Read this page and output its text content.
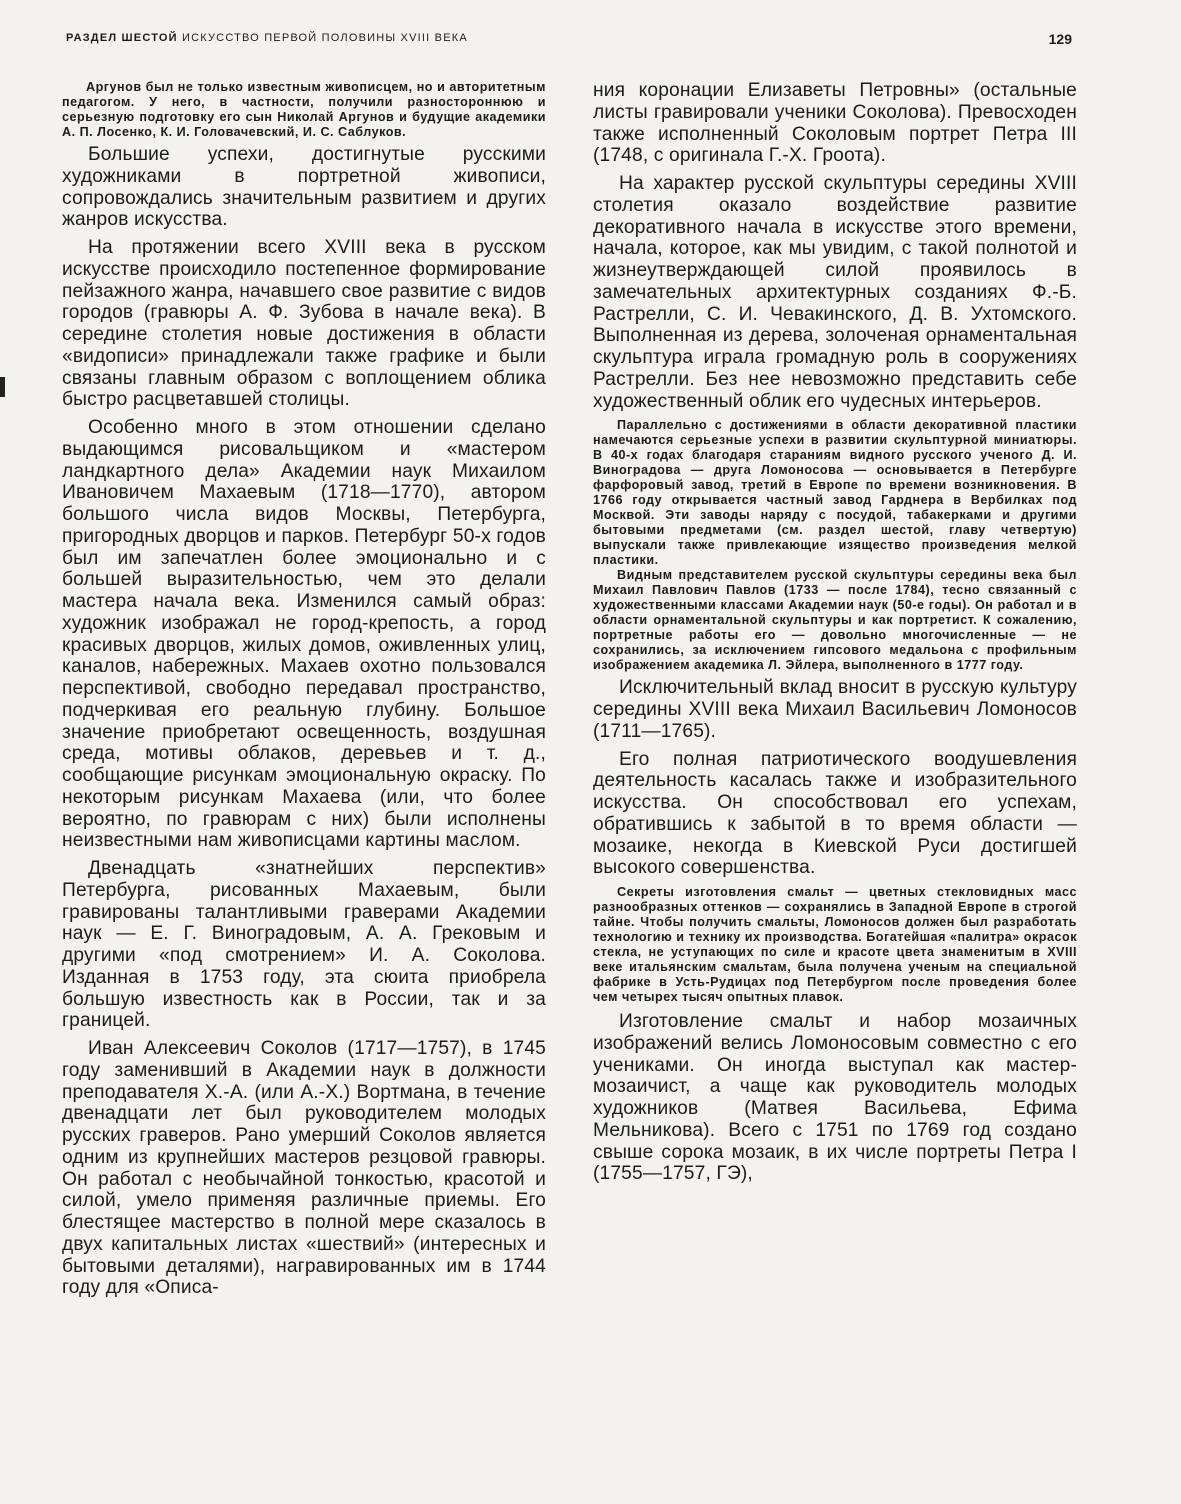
РАЗДЕЛ ШЕСТОЙ ИСКУССТВО ПЕРВОЙ ПОЛОВИНЫ XVIII ВЕКА	129

Аргунов был не только известным живописцем, но и авторитетным педагогом. У него, в частности, получили разностороннюю и серьезную подготовку его сын Николай Аргунов и будущие академики А. П. Лосенко, К. И. Головачевский, И. С. Саблуков.

Большие успехи, достигнутые русскими художниками в портретной живописи, сопровождались значительным развитием и других жанров искусства.

На протяжении всего XVIII века в русском искусстве происходило постепенное формирование пейзажного жанра, начавшего свое развитие с видов городов (гравюры А. Ф. Зубова в начале века). В середине столетия новые достижения в области «видописи» принадлежали также графике и были связаны главным образом с воплощением облика быстро расцветавшей столицы.

Особенно много в этом отношении сделано выдающимся рисовальщиком и «мастером ландкартного дела» Академии наук Михаилом Ивановичем Махаевым (1718—1770), автором большого числа видов Москвы, Петербурга, пригородных дворцов и парков. Петербург 50-х годов был им запечатлен более эмоционально и с большей выразительностью, чем это делали мастера начала века. Изменился самый образ: художник изображал не город-крепость, а город красивых дворцов, жилых домов, оживленных улиц, каналов, набережных. Махаев охотно пользовался перспективой, свободно передавал пространство, подчеркивая его реальную глубину. Большое значение приобретают освещенность, воздушная среда, мотивы облаков, деревьев и т. д., сообщающие рисункам эмоциональную окраску. По некоторым рисункам Махаева (или, что более вероятно, по гравюрам с них) были исполнены неизвестными нам живописцами картины маслом.

Двенадцать «знатнейших перспектив» Петербурга, рисованных Махаевым, были гравированы талантливыми граверами Академии наук — Е. Г. Виноградовым, А. А. Грековым и другими «под смотрением» И. А. Соколова. Изданная в 1753 году, эта сюита приобрела большую известность как в России, так и за границей.

Иван Алексеевич Соколов (1717—1757), в 1745 году заменивший в Академии наук в должности преподавателя Х.-А. (или А.-Х.) Вортмана, в течение двенадцати лет был руководителем молодых русских граверов. Рано умерший Соколов является одним из крупнейших мастеров резцовой гравюры. Он работал с необычайной тонкостью, красотой и силой, умело применяя различные приемы. Его блестящее мастерство в полной мере сказалось в двух капитальных листах «шествий» (интересных и бытовыми деталями), награвированных им в 1744 году для «Описа-

ния коронации Елизаветы Петровны» (остальные листы гравировали ученики Соколова). Превосходен также исполненный Соколовым портрет Петра III (1748, с оригинала Г.-Х. Гроота).

На характер русской скульптуры середины XVIII столетия оказало воздействие развитие декоративного начала в искусстве этого времени, начала, которое, как мы увидим, с такой полнотой и жизнеутверждающей силой проявилось в замечательных архитектурных созданиях Ф.-Б. Растрелли, С. И. Чевакинского, Д. В. Ухтомского. Выполненная из дерева, золоченая орнаментальная скульптура играла громадную роль в сооружениях Растрелли. Без нее невозможно представить себе художественный облик его чудесных интерьеров.

Параллельно с достижениями в области декоративной пластики намечаются серьезные успехи в развитии скульптурной миниатюры. В 40-х годах благодаря стараниям видного русского ученого Д. И. Виноградова — друга Ломоносова — основывается в Петербурге фарфоровый завод, третий в Европе по времени возникновения. В 1766 году открывается частный завод Гарднера в Вербилках под Москвой. Эти заводы наряду с посудой, табакерками и другими бытовыми предметами (см. раздел шестой, главу четвертую) выпускали также привлекающие изящество произведения мелкой пластики.

Видным представителем русской скульптуры середины века был Михаил Павлович Павлов (1733 — после 1784), тесно связанный с художественными классами Академии наук (50-е годы). Он работал и в области орнаментальной скульптуры и как портретист. К сожалению, портретные работы его — довольно многочисленные — не сохранились, за исключением гипсового медальона с профильным изображением академика Л. Эйлера, выполненного в 1777 году.

Исключительный вклад вносит в русскую культуру середины XVIII века Михаил Васильевич Ломоносов (1711—1765).

Его полная патриотического воодушевления деятельность касалась также и изобразительного искусства. Он способствовал его успехам, обратившись к забытой в то время области — мозаике, некогда в Киевской Руси достигшей высокого совершенства.

Секреты изготовления смальт — цветных стекловидных масс разнообразных оттенков — сохранялись в Западной Европе в строгой тайне. Чтобы получить смальты, Ломоносов должен был разработать технологию и технику их производства. Богатейшая «палитра» окрасок стекла, не уступающих по силе и красоте цвета знаменитым в XVIII веке итальянским смальтам, была получена ученым на специальной фабрике в Усть-Рудицах под Петербургом после проведения более чем четырех тысяч опытных плавок.

Изготовление смальт и набор мозаичных изображений велись Ломоносовым совместно с его учениками. Он иногда выступал как мастер-мозаичист, а чаще как руководитель молодых художников (Матвея Васильева, Ефима Мельникова). Всего с 1751 по 1769 год создано свыше сорока мозаик, в их числе портреты Петра I (1755—1757, ГЭ),
